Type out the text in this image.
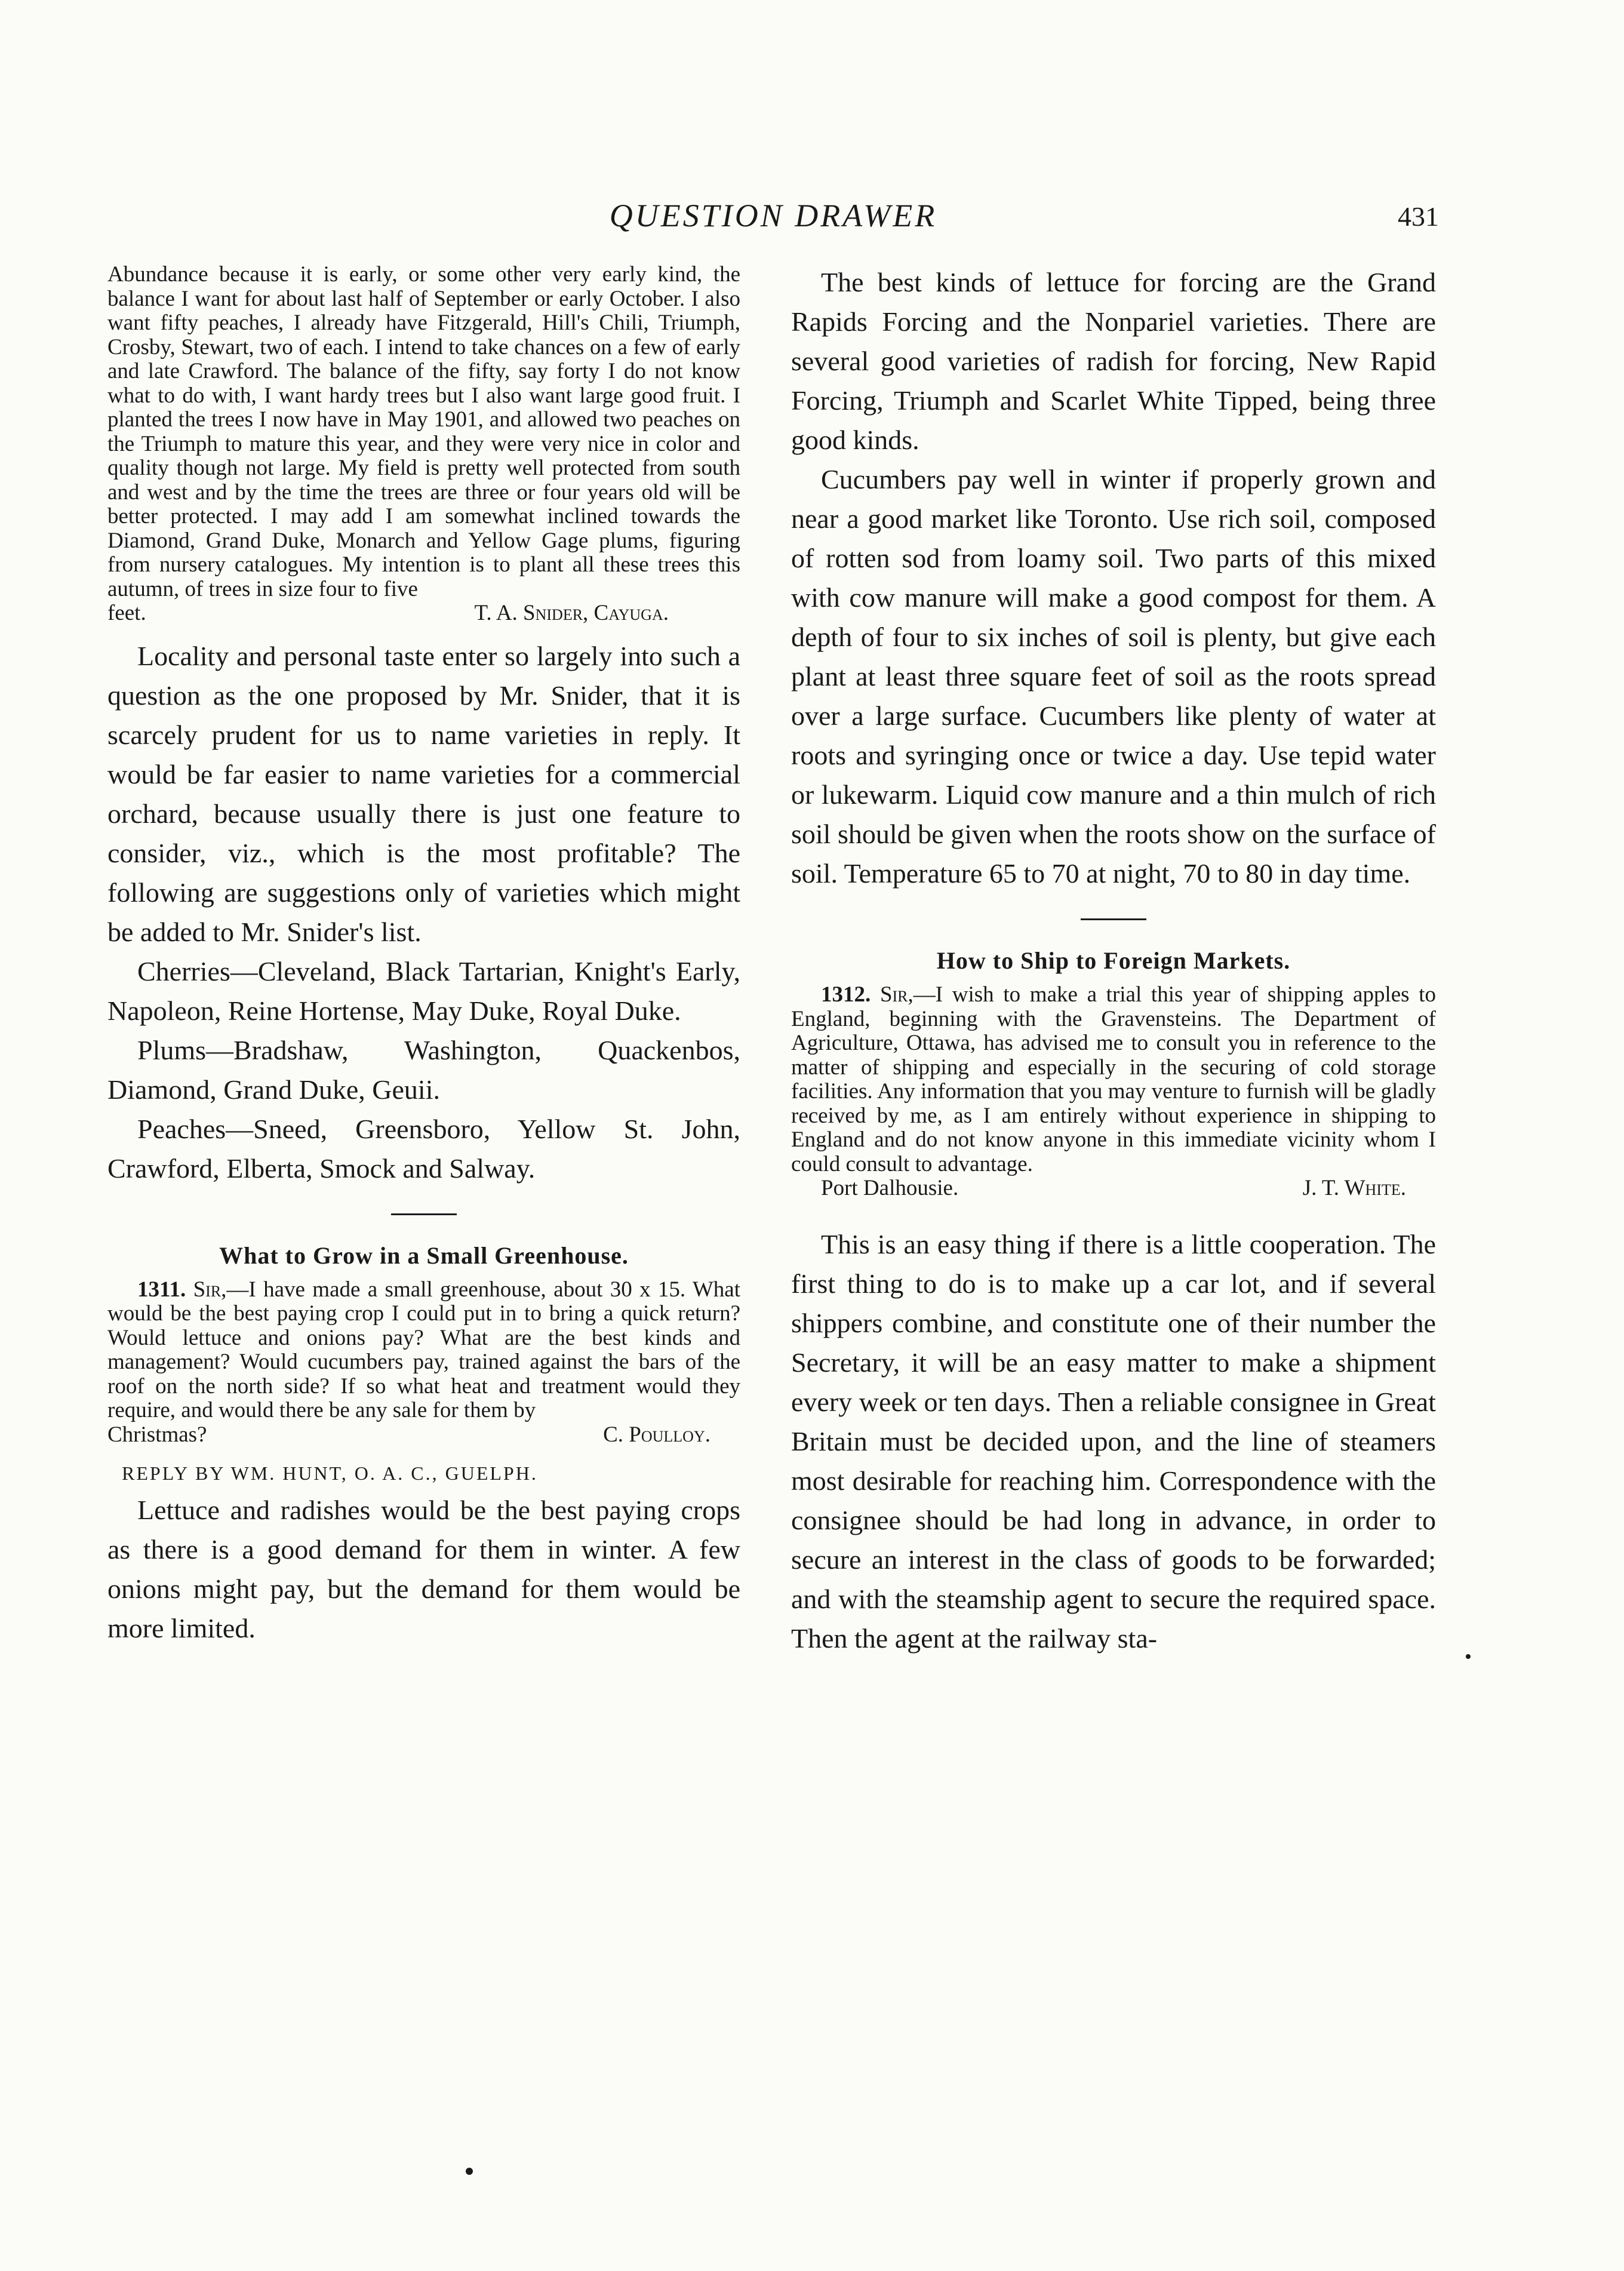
QUESTION DRAWER	431

Abundance because it is early, or some other very early kind, the balance I want for about last half of September or early October. I also want fifty peaches, I already have Fitzgerald, Hill's Chili, Triumph, Crosby, Stewart, two of each. I intend to take chances on a few of early and late Crawford. The balance of the fifty, say forty I do not know what to do with, I want hardy trees but I also want large good fruit. I planted the trees I now have in May 1901, and allowed two peaches on the Triumph to mature this year, and they were very nice in color and quality though not large. My field is pretty well protected from south and west and by the time the trees are three or four years old will be better protected. I may add I am somewhat inclined towards the Diamond, Grand Duke, Monarch and Yellow Gage plums, figuring from nursery catalogues. My intention is to plant all these trees this autumn, of trees in size four to five

feet.	T. A. Snider, Cayuga.

Locality and personal taste enter so largely into such a question as the one proposed by Mr. Snider, that it is scarcely prudent for us to name varieties in reply. It would be far easier to name varieties for a commercial orchard, because usually there is just one feature to consider, viz., which is the most profitable? The following are suggestions only of varieties which might be added to Mr. Snider's list.

Cherries—Cleveland, Black Tartarian, Knight's Early, Napoleon, Reine Hortense, May Duke, Royal Duke.

Plums—Bradshaw, Washington, Quackenbos, Diamond, Grand Duke, Geuii.

Peaches—Sneed, Greensboro, Yellow St. John, Crawford, Elberta, Smock and Salway.

What to Grow in a Small Greenhouse.

1311. Sir,—I have made a small greenhouse, about 30 x 15. What would be the best paying crop I could put in to bring a quick return? Would lettuce and onions pay? What are the best kinds and management? Would cucumbers pay, trained against the bars of the roof on the north side? If so what heat and treatment would they require, and would there be any sale for them by

Christmas?	C. Poulloy.
REPLY BY WM. HUNT, O. A. C., GUELPH.

Lettuce and radishes would be the best paying crops as there is a good demand for them in winter. A few onions might pay, but the demand for them would be more limited.

The best kinds of lettuce for forcing are the Grand Rapids Forcing and the Nonpariel varieties. There are several good varieties of radish for forcing, New Rapid Forcing, Triumph and Scarlet White Tipped, being three good kinds.

Cucumbers pay well in winter if properly grown and near a good market like Toronto. Use rich soil, composed of rotten sod from loamy soil. Two parts of this mixed with cow manure will make a good compost for them. A depth of four to six inches of soil is plenty, but give each plant at least three square feet of soil as the roots spread over a large surface. Cucumbers like plenty of water at roots and syringing once or twice a day. Use tepid water or lukewarm. Liquid cow manure and a thin mulch of rich soil should be given when the roots show on the surface of soil. Temperature 65 to 70 at night, 70 to 80 in day time.

How to Ship to Foreign Markets.

1312. Sir,—I wish to make a trial this year of shipping apples to England, beginning with the Gravensteins. The Department of Agriculture, Ottawa, has advised me to consult you in reference to the matter of shipping and especially in the securing of cold storage facilities. Any information that you may venture to furnish will be gladly received by me, as I am entirely without experience in shipping to England and do not know anyone in this immediate vicinity whom I could consult to advantage.

Port Dalhousie.	J. T. White.

This is an easy thing if there is a little cooperation. The first thing to do is to make up a car lot, and if several shippers combine, and constitute one of their number the Secretary, it will be an easy matter to make a shipment every week or ten days. Then a reliable consignee in Great Britain must be decided upon, and the line of steamers most desirable for reaching him. Correspondence with the consignee should be had long in advance, in order to secure an interest in the class of goods to be forwarded; and with the steamship agent to secure the required space. Then the agent at the railway sta-
